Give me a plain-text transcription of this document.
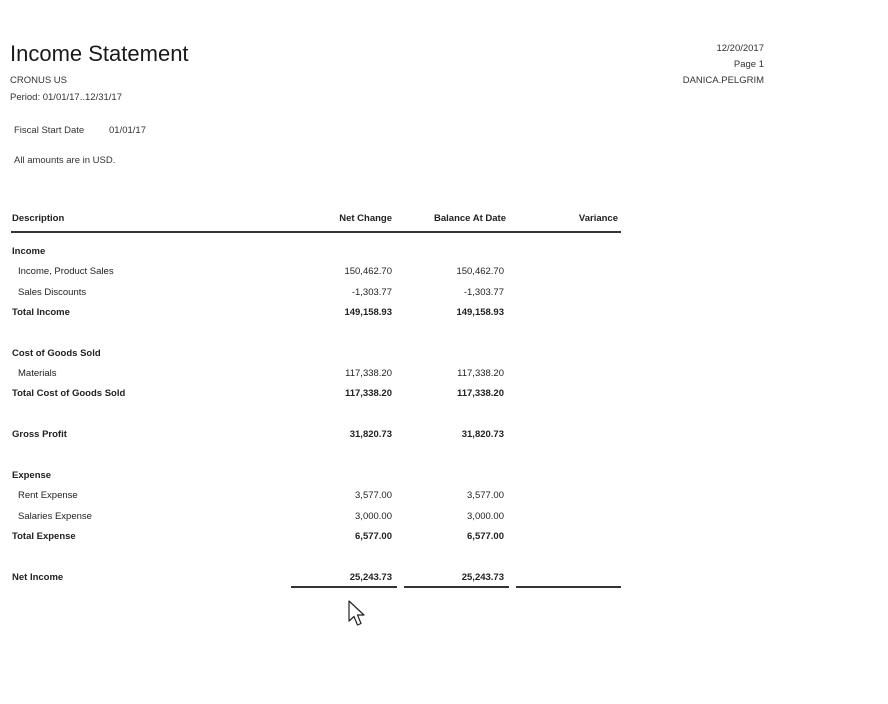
Income Statement
CRONUS US
Period: 01/01/17..12/31/17
Fiscal Start Date	01/01/17
All amounts are in USD.
12/20/2017
Page 1
DANICA.PELGRIM
Description	Net Change	Balance At Date	Variance
Income
Income, Product Sales	150,462.70	150,462.70
Sales Discounts	-1,303.77	-1,303.77
Total Income	149,158.93	149,158.93
Cost of Goods Sold
Materials	117,338.20	117,338.20
Total Cost of Goods Sold	117,338.20	117,338.20
Gross Profit	31,820.73	31,820.73
Expense
Rent Expense	3,577.00	3,577.00
Salaries Expense	3,000.00	3,000.00
Total Expense	6,577.00	6,577.00
Net Income	25,243.73	25,243.73
